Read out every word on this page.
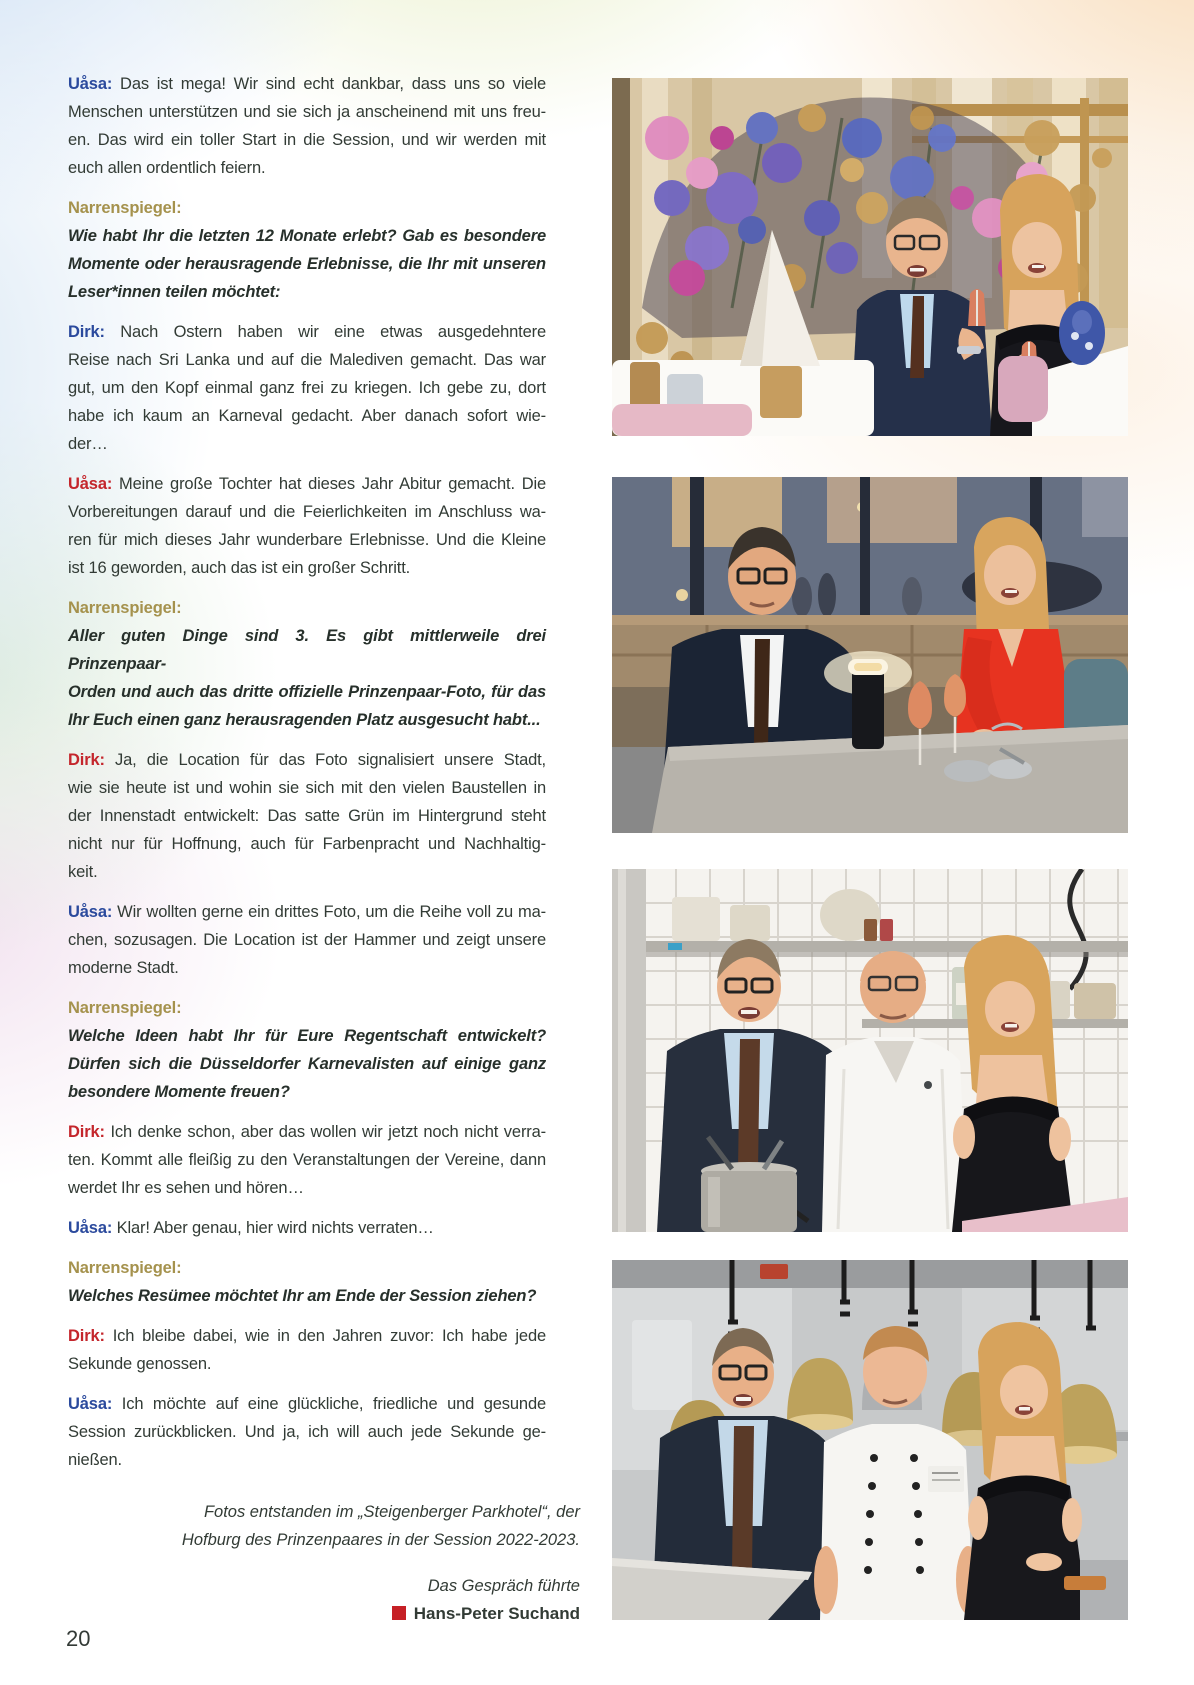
Uåsa: Das ist mega! Wir sind echt dankbar, dass uns so viele
Menschen unterstützen und sie sich ja anscheinend mit uns freu-
en. Das wird ein toller Start in die Session, und wir werden mit
euch allen ordentlich feiern.
Narrenspiegel:
Wie habt Ihr die letzten 12 Monate erlebt? Gab es besondere
Momente oder herausragende Erlebnisse, die Ihr mit unseren
Leser*innen teilen möchtet:
Dirk: Nach Ostern haben wir eine etwas ausgedehntere
Reise nach Sri Lanka und auf die Malediven gemacht. Das war
gut, um den Kopf einmal ganz frei zu kriegen. Ich gebe zu, dort
habe ich kaum an Karneval gedacht. Aber danach sofort wie-
der…
Uåsa: Meine große Tochter hat dieses Jahr Abitur gemacht. Die
Vorbereitungen darauf und die Feierlichkeiten im Anschluss wa-
ren für mich dieses Jahr wunderbare Erlebnisse. Und die Kleine
ist 16 geworden, auch das ist ein großer Schritt.
Narrenspiegel:
Aller guten Dinge sind 3. Es gibt mittlerweile drei Prinzenpaar-
Orden und auch das dritte offizielle Prinzenpaar-Foto, für das
Ihr Euch einen ganz herausragenden Platz ausgesucht habt...
Dirk: Ja, die Location für das Foto signalisiert unsere Stadt,
wie sie heute ist und wohin sie sich mit den vielen Baustellen in
der Innenstadt entwickelt: Das satte Grün im Hintergrund steht
nicht nur für Hoffnung, auch für Farbenpracht und Nachhaltig-
keit.
Uåsa: Wir wollten gerne ein drittes Foto, um die Reihe voll zu ma-
chen, sozusagen. Die Location ist der Hammer und zeigt unsere
moderne Stadt.
Narrenspiegel:
Welche Ideen habt Ihr für Eure Regentschaft entwickelt?
Dürfen sich die Düsseldorfer Karnevalisten auf einige ganz
besondere Momente freuen?
Dirk: Ich denke schon, aber das wollen wir jetzt noch nicht verra-
ten. Kommt alle fleißig zu den Veranstaltungen der Vereine, dann
werdet Ihr es sehen und hören…
Uåsa: Klar! Aber genau, hier wird nichts verraten…
Narrenspiegel:
Welches Resümee möchtet Ihr am Ende der Session ziehen?
Dirk: Ich bleibe dabei, wie in den Jahren zuvor: Ich habe jede
Sekunde genossen.
Uåsa: Ich möchte auf eine glückliche, friedliche und gesunde
Session zurückblicken. Und ja, ich will auch jede Sekunde ge-
nießen.
Fotos entstanden im „Steigenberger Parkhotel“, der
Hofburg des Prinzenpaares in der Session 2022-2023.
Das Gespräch führte
Hans-Peter Suchand
20
